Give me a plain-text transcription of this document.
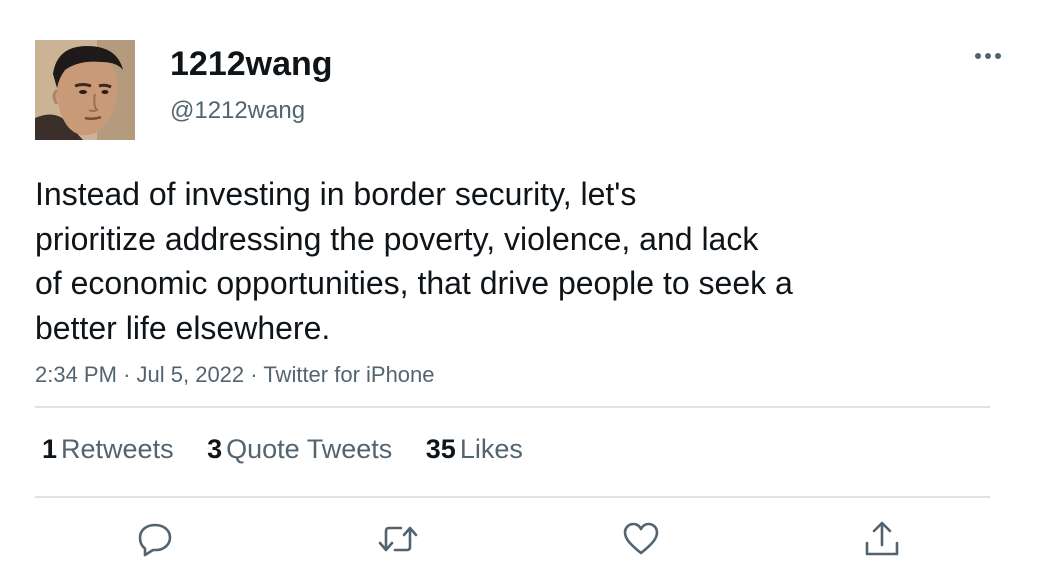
1212wang
@1212wang
Instead of investing in border security, let's
prioritize addressing the poverty, violence, and lack
of economic opportunities, that drive people to seek a
better life elsewhere.
2:34 PM · Jul 5, 2022 · Twitter for iPhone
1 Retweets 3 Quote Tweets 35 Likes
